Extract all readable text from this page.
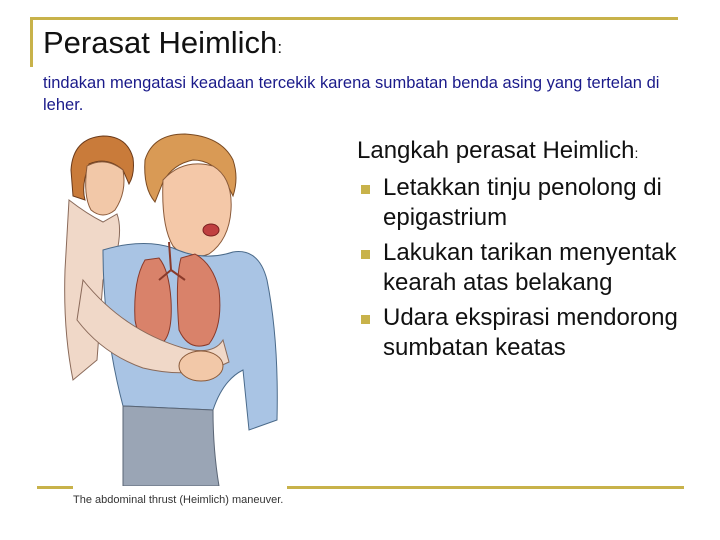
Perasat Heimlich:
tindakan mengatasi keadaan tercekik karena sumbatan benda asing yang tertelan di leher.
The abdominal thrust (Heimlich) maneuver.
Langkah perasat Heimlich:
Letakkan tinju penolong di epigastrium
Lakukan tarikan menyentak kearah atas belakang
Udara ekspirasi mendorong sumbatan keatas
